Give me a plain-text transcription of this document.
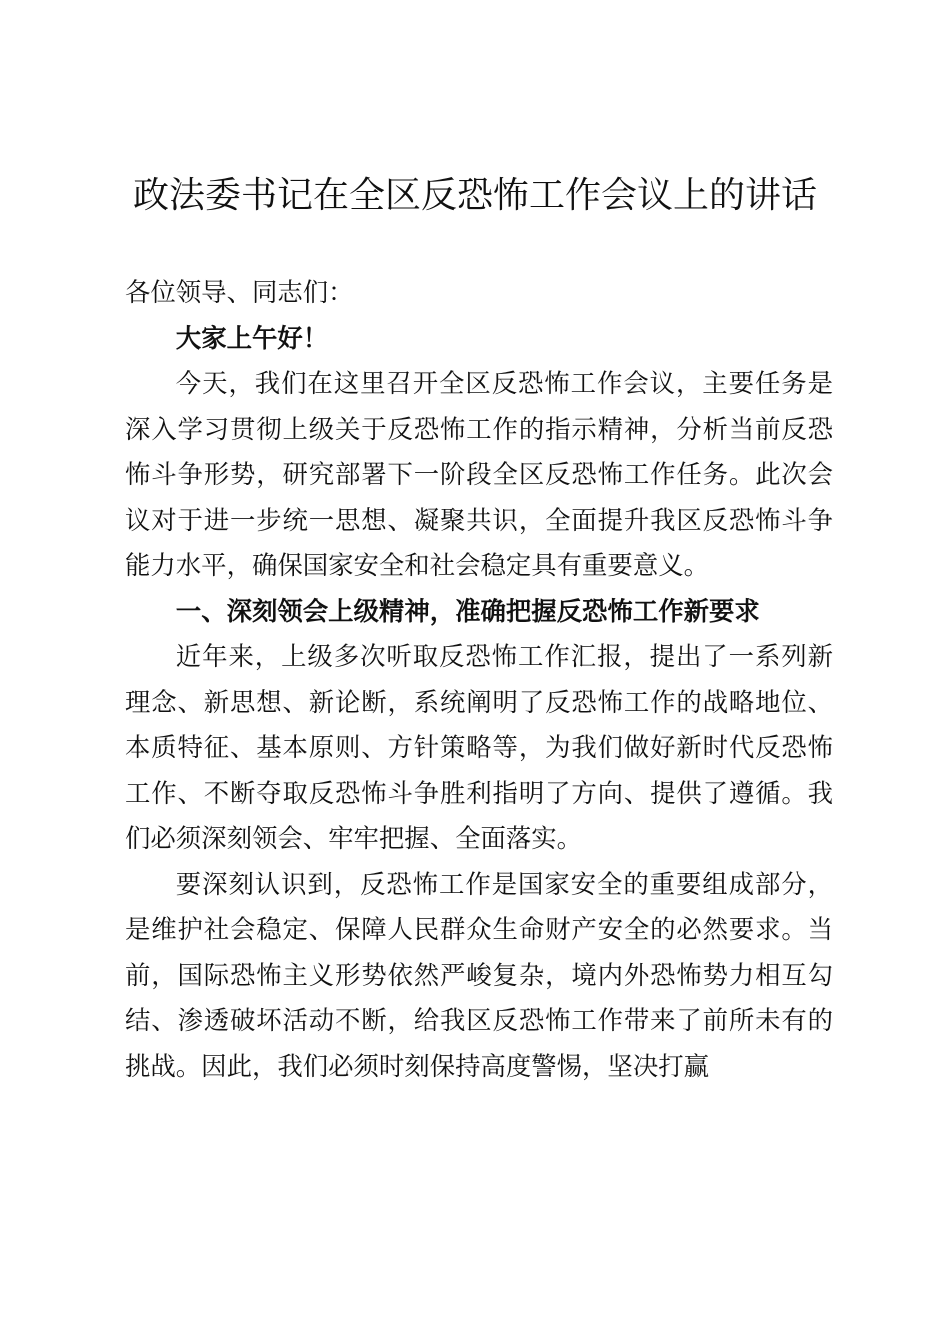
政法委书记在全区反恐怖工作会议上的讲话

各位领导、同志们：

大家上午好！

今天，我们在这里召开全区反恐怖工作会议，主要任务是深入学习贯彻上级关于反恐怖工作的指示精神，分析当前反恐怖斗争形势，研究部署下一阶段全区反恐怖工作任务。此次会议对于进一步统一思想、凝聚共识，全面提升我区反恐怖斗争能力水平，确保国家安全和社会稳定具有重要意义。

一、深刻领会上级精神，准确把握反恐怖工作新要求

近年来，上级多次听取反恐怖工作汇报，提出了一系列新理念、新思想、新论断，系统阐明了反恐怖工作的战略地位、本质特征、基本原则、方针策略等，为我们做好新时代反恐怖工作、不断夺取反恐怖斗争胜利指明了方向、提供了遵循。我们必须深刻领会、牢牢把握、全面落实。

要深刻认识到，反恐怖工作是国家安全的重要组成部分，是维护社会稳定、保障人民群众生命财产安全的必然要求。当前，国际恐怖主义形势依然严峻复杂，境内外恐怖势力相互勾结、渗透破坏活动不断，给我区反恐怖工作带来了前所未有的挑战。因此，我们必须时刻保持高度警惕，坚决打赢
